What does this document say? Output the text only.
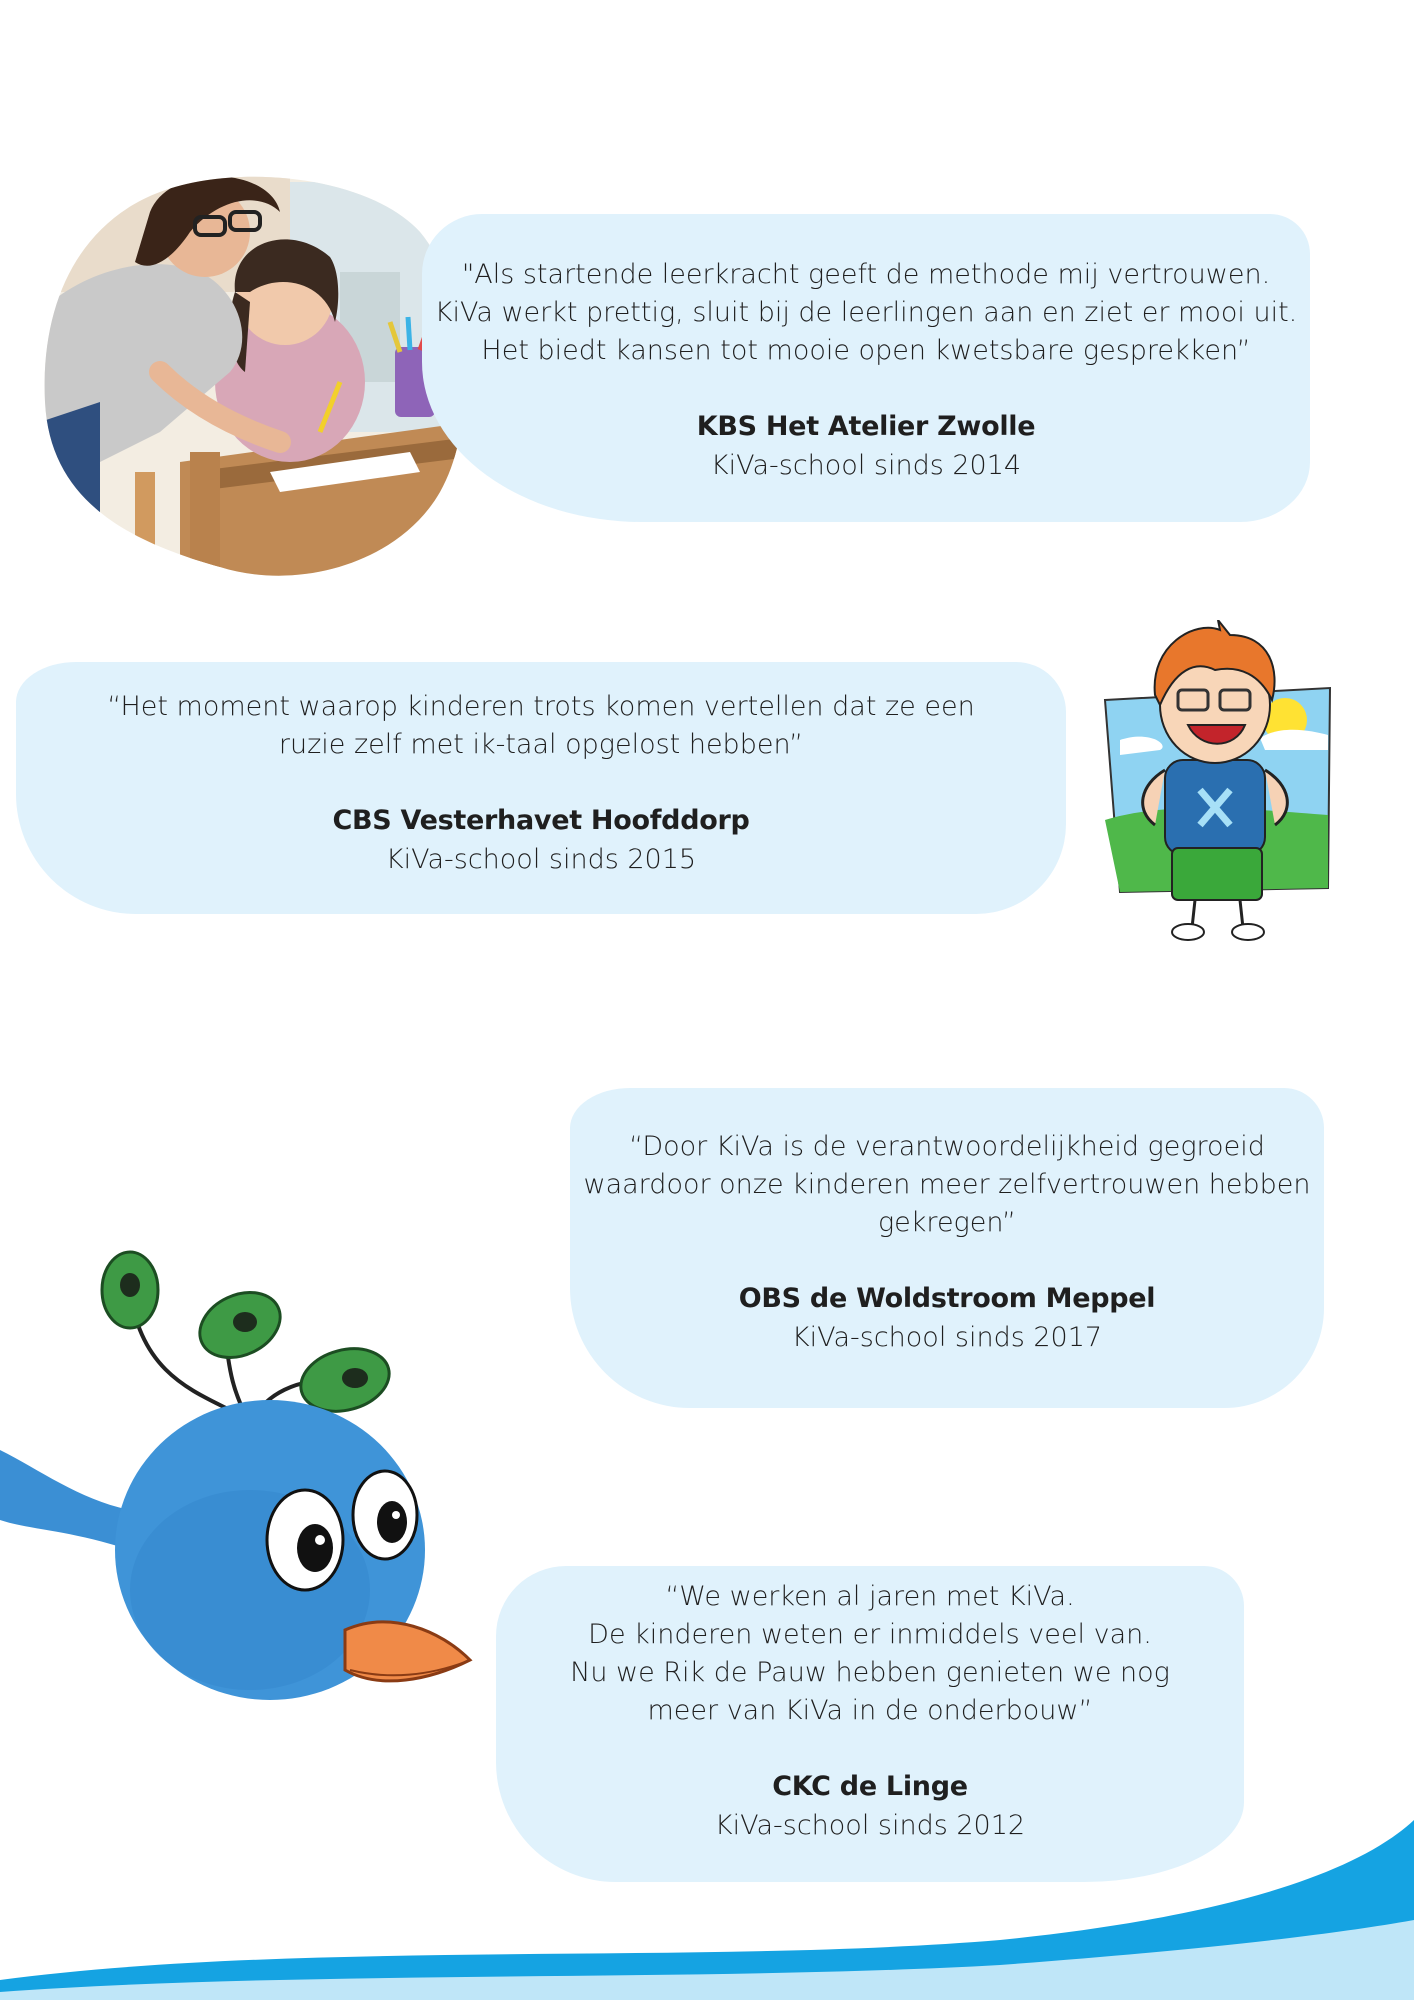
"Als startende leerkracht geeft de methode mij vertrouwen.
KiVa werkt prettig, sluit bij de leerlingen aan en ziet er mooi uit.
Het biedt kansen tot mooie open kwetsbare gesprekken”

KBS Het Atelier Zwolle

KiVa-school sinds 2014

“Het moment waarop kinderen trots komen vertellen dat ze een
ruzie zelf met ik-taal opgelost hebben”

CBS Vesterhavet Hoofddorp

KiVa-school sinds 2015

“Door KiVa is de verantwoordelijkheid gegroeid
waardoor onze kinderen meer zelfvertrouwen hebben
gekregen”

OBS de Woldstroom Meppel

KiVa-school sinds 2017

“We werken al jaren met KiVa.
De kinderen weten er inmiddels veel van.
Nu we Rik de Pauw hebben genieten we nog
meer van KiVa in de onderbouw”

CKC de Linge

KiVa-school sinds 2012
